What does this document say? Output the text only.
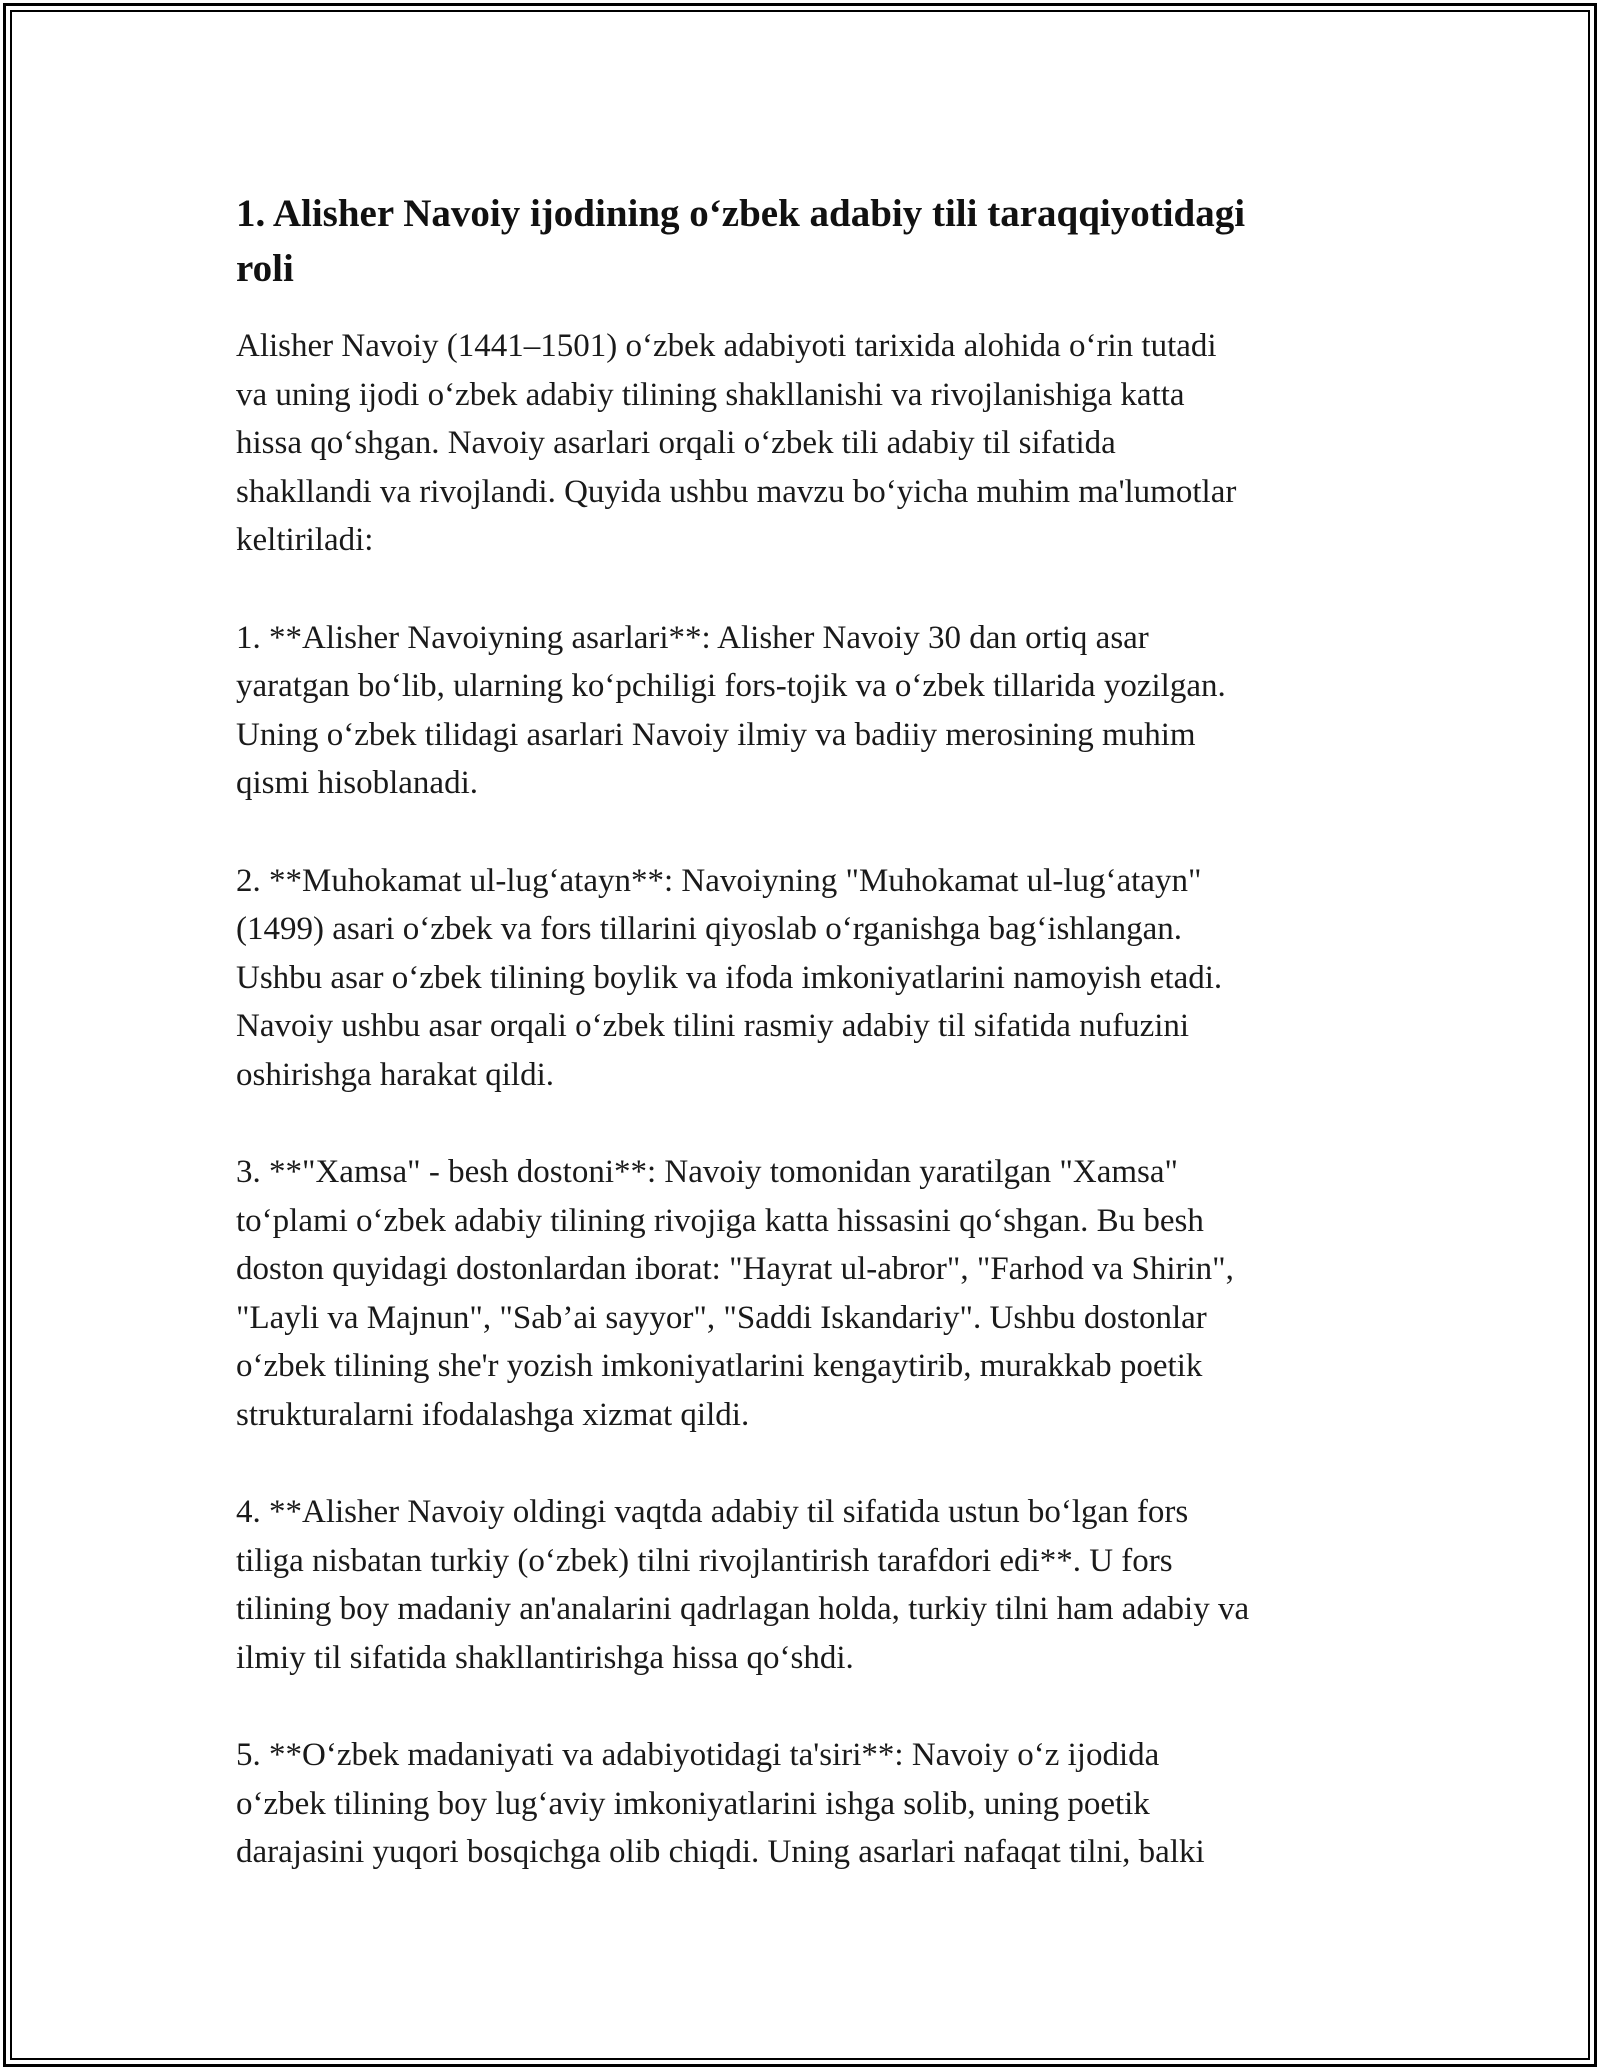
1. Alisher Navoiy ijodining o‘zbek adabiy tili taraqqiyotidagi
roli

Alisher Navoiy (1441–1501) o‘zbek adabiyoti tarixida alohida o‘rin tutadi
va uning ijodi o‘zbek adabiy tilining shakllanishi va rivojlanishiga katta
hissa qo‘shgan. Navoiy asarlari orqali o‘zbek tili adabiy til sifatida
shakllandi va rivojlandi. Quyida ushbu mavzu bo‘yicha muhim ma'lumotlar
keltiriladi:

1. **Alisher Navoiyning asarlari**: Alisher Navoiy 30 dan ortiq asar
yaratgan bo‘lib, ularning ko‘pchiligi fors-tojik va o‘zbek tillarida yozilgan.
Uning o‘zbek tilidagi asarlari Navoiy ilmiy va badiiy merosining muhim
qismi hisoblanadi.

2. **Muhokamat ul-lug‘atayn**: Navoiyning "Muhokamat ul-lug‘atayn"
(1499) asari o‘zbek va fors tillarini qiyoslab o‘rganishga bag‘ishlangan.
Ushbu asar o‘zbek tilining boylik va ifoda imkoniyatlarini namoyish etadi.
Navoiy ushbu asar orqali o‘zbek tilini rasmiy adabiy til sifatida nufuzini
oshirishga harakat qildi.

3. **"Xamsa" - besh dostoni**: Navoiy tomonidan yaratilgan "Xamsa"
to‘plami o‘zbek adabiy tilining rivojiga katta hissasini qo‘shgan. Bu besh
doston quyidagi dostonlardan iborat: "Hayrat ul-abror", "Farhod va Shirin",
"Layli va Majnun", "Sab’ai sayyor", "Saddi Iskandariy". Ushbu dostonlar
o‘zbek tilining she'r yozish imkoniyatlarini kengaytirib, murakkab poetik
strukturalarni ifodalashga xizmat qildi.

4. **Alisher Navoiy oldingi vaqtda adabiy til sifatida ustun bo‘lgan fors
tiliga nisbatan turkiy (o‘zbek) tilni rivojlantirish tarafdori edi**. U fors
tilining boy madaniy an'analarini qadrlagan holda, turkiy tilni ham adabiy va
ilmiy til sifatida shakllantirishga hissa qo‘shdi.

5. **O‘zbek madaniyati va adabiyotidagi ta'siri**: Navoiy o‘z ijodida
o‘zbek tilining boy lug‘aviy imkoniyatlarini ishga solib, uning poetik
darajasini yuqori bosqichga olib chiqdi. Uning asarlari nafaqat tilni, balki
